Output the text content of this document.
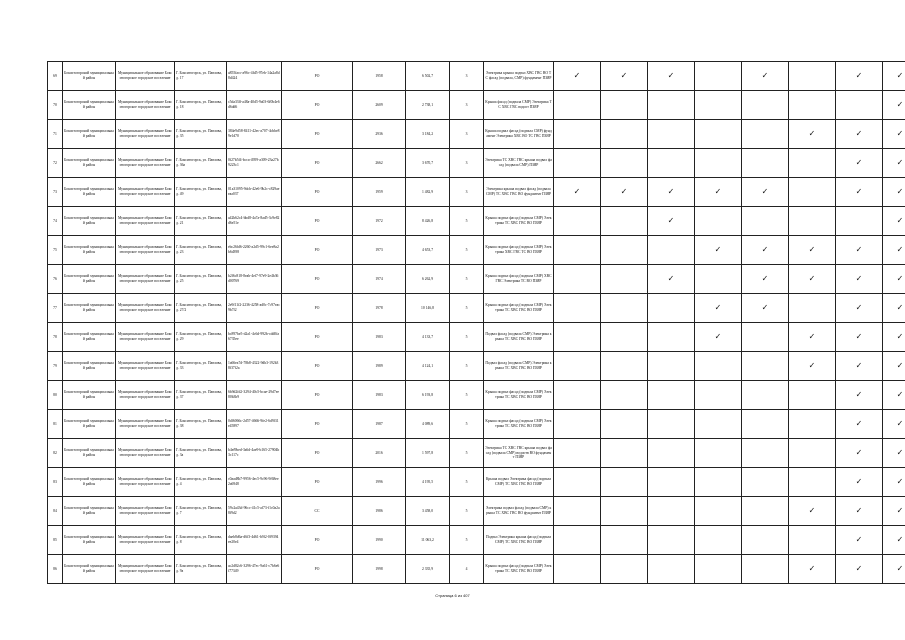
69	Бокситогорский муниципальный район	Муниципальное образование Бокситогорское городское поселение	Г. Бокситогорск, ул. Павлова, д. 17	a855facc-a96c-4fd5-97eb-14a2a8d8d424	РО	1958	6 502,7	3	Электрика крыша подвал ХВС ГВС ВО ТС фасад (подвала, СМР) фундамент ПЗЯР	✓	✓	✓		✓		✓	✓
70	Бокситогорский муниципальный район	Муниципальное образование Бокситогорское городское поселение	Г. Бокситогорск, ул. Павлова, д. 18	c5da33ff-a48a-40d5-9a03-6f0b4e6d6dd6	РО	2609	2 738,1	3	Крыша фасад (подвала СМР) Электрика ТС ХВС ГВС водоот ПЗЯР								✓
71	Бокситогорский муниципальный район	Муниципальное образование Бокситогорское городское поселение	Г. Бокситогорск, ул. Павлова, д. 35	384e9d58-8411-42ec-a707-4cbbe89e1d70	РО	2936	3 184,2	3	Крыша подвал фасад (подвала СМР) фундамент Электрика ХВС ВО ТС ГВС ПЗЯР						✓	✓	✓
72	Бокситогорский муниципальный район	Муниципальное образование Бокситогорское городское поселение	Г. Бокситогорск, ул. Павлова, д. 36а	0f27b5f4-bcca-4959-a309-23a27b9223c1	РО	2662	3 670,7	3	Электрика ТС ХВС ГВС крыша подвал фасад (подвала СМР) ПЗЯР							✓	✓
73	Бокситогорский муниципальный район	Муниципальное образование Бокситогорское городское поселение	Г. Бокситогорск, ул. Павлова, д. 49	01a31095-9dcb-42e6-9b2c-c829aeeaa037	РО	1959	1 482,9	3	Электрика крыша подвал фасад (подвала СМР) ТС ХВС ГВС ВО фундамент ПЗЯР	✓	✓	✓	✓	✓		✓	✓
74	Бокситогорский муниципальный район	Муниципальное образование Бокситогорское городское поселение	Г. Бокситогорск, ул. Павлова, д. 21	a42b62c4-bbd8-4a7a-8ad5-3c9e82d6e51e	РО	1972	8 426,8	5	Крыша подвал фасад (подвала СМР) Электрика ТС ХВС ГВС ВО ПЗЯР			✓					✓
75	Бокситогорский муниципальный район	Муниципальное образование Бокситогорское городское поселение	Г. Бокситогорск, ул. Павлова, д. 23	ebc26fd6-2260-a2d5-99c1-6ee8a2b6d398	РО	1973	4 653,7	5	Крыша подвал фасад (подвала СМР) Электрика ХВС ГВС ТС ВО ПЗЯР				✓	✓	✓	✓	✓
76	Бокситогорский муниципальный район	Муниципальное образование Бокситогорское городское поселение	Г. Бокситогорск, ул. Павлова, д. 25	b2f6c818-8eab-4ef7-97e9-2e4b36d00769	РО	1974	6 262,9	5	Крыша подвал фасад (подвала СМР) ХВС ГВС Электрика ТС ВО ПЗЯР			✓		✓	✓	✓	✓
77	Бокситогорский муниципальный район	Муниципальное образование Бокситогорское городское поселение	Г. Бокситогорск, ул. Павлова, д. 27/2	2e9f11f2-2236-4258-ad0c-7c97eac9b7f2	РО	1978	10 146,8	5	Крыша подвал фасад (подвала СМР) Электрика ТС ХВС ГВС ВО ПЗЯР				✓	✓		✓	✓
78	Бокситогорский муниципальный район	Муниципальное образование Бокситогорское городское поселение	Г. Бокситогорск, ул. Павлова, д. 29	bc897be5-d2a1-4c6d-992b-cdd0fa6735ee	РО	1983	4 133,7	5	Подвал фасад (подвала СМР) Электрика крыша ТС ХВС ГВС ВО ПЗЯР				✓		✓	✓	✓
79	Бокситогорский муниципальный район	Муниципальное образование Бокситогорское городское поселение	Г. Бокситогорск, ул. Павлова, д. 33	1a66ea7d-78b8-4322-9db3-192b38f37f2a	РО	1989	4 124,1	5	Подвал фасад (подвала СМР) Электрика крыша ТС ХВС ГВС ВО ПЗЯР						✓	✓	✓
80	Бокситогорский муниципальный район	Муниципальное образование Бокситогорское городское поселение	Г. Бокситогорск, ул. Павлова, д. 37	6b9d2fd2-3294-40c5-bcae-29d7ee80b3b9	РО	1983	6 193,8	5	Крыша подвал фасад (подвала СМР) Электрика ТС ХВС ГВС ВО ПЗЯР							✓	✓
81	Бокситогорский муниципальный район	Муниципальное образование Бокситогорское городское поселение	Г. Бокситогорск, ул. Павлова, д. 38	0df6066c-2d57-4666-9fe2-6d9f31e45897	РО	1987	4 089,6	5	Крыша подвал фасад (подвала СМР) Электрика ТС ХВС ГВС ВО ПЗЯР							✓	✓
82	Бокситогорский муниципальный район	Муниципальное образование Бокситогорское городское поселение	Г. Бокситогорск, ул. Павлова, д. 3а	b4ef9bed-3a6d-4ae9-b165-27904b3c117c	РО	2016	1 597,8	5	Электрика ТС ХВС ГВС крыша подвал фасад (подвала СМР) водоотв ВО фундамент ПЗЯР							✓	✓
83	Бокситогорский муниципальный район	Муниципальное образование Бокситогорское городское поселение	Г. Бокситогорск, ул. Павлова, д. 4	c0aad8b7-9956-4ec5-9c96-9f68ee2a6948	РО	1996	4 195,5	5	Крыша подвал Электрика фасад (подвала СМР) ТС ХВС ГВС ВО ПЗЯР							✓	✓
84	Бокситогорский муниципальный район	Муниципальное образование Бокситогорское городское поселение	Г. Бокситогорск, ул. Павлова, д. 7	59c2a43d-96cc-41c5-af73-f1c0a2a8f9d2	СС	1986	3 458,0	5	Электрика подвал фасад (подвала СМР) крыша ТС ХВС ГВС ВО фундамент ПЗЯР						✓	✓	✓
85	Бокситогорский муниципальный район	Муниципальное образование Бокситогорское городское поселение	Г. Бокситогорск, ул. Павлова, д. 8	daeb8d6a-d6f3-4d61-b9f2-0f9394ee20e4	РО	1990	11 063,2	5	Подвал Электрика крыша фасад (подвала СМР) ТС ХВС ГВС ВО ПЗЯР							✓	✓
86	Бокситогорский муниципальный район	Муниципальное образование Бокситогорское городское поселение	Г. Бокситогорск, ул. Павлова, д. 9а	ac2d82c6-3296-47ec-9a61-c7b6e6f77349	РО	1998	2 335,9	4	Крыша подвал фасад (подвала СМР) Электрика ТС ХВС ГВС ВО ПЗЯР						✓	✓	✓
Страница 6 из 407
